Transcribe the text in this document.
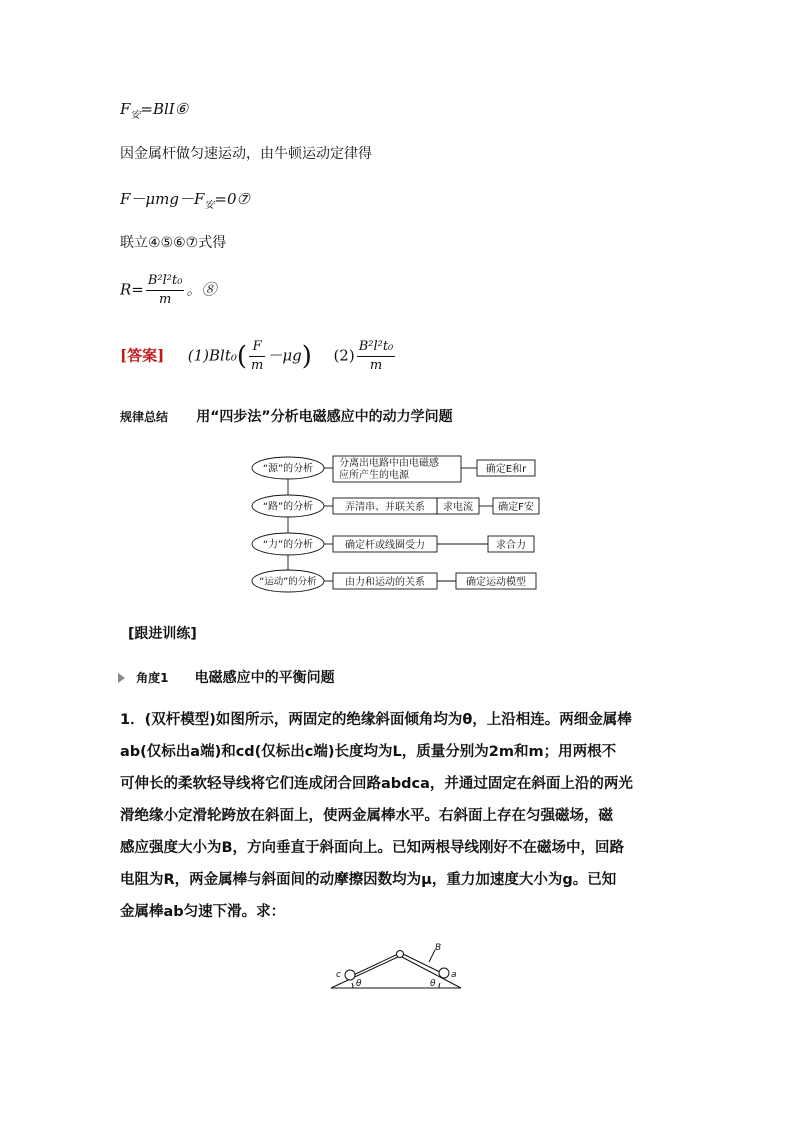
$F_安=BlI⑥$
因金属杆做匀速运动，由牛顿运动定律得
$F-\mu mg-F_安=0⑦$
联立④⑤⑥⑦式得
$R= \frac{\text{B²l²t₀}}{m}$ 。⑧
[答案] $(1)Blt_0( \frac{F}{m} -\mu g)$ $(2) \frac{\text{B²l²t₀}}{m}$
规律总结 用“四步法”分析电磁感应中的动力学问题
“源”的分析	分离出电路中由电磁感
应所产生的电源
确定E和r
“路”的分析	弄清串、并联关系 求电流	确定F安
“力”的分析	确定杆或线圈受力	求合力
“运动”的分析	由力和运动的关系	确定运动模型
[跟进训练]
角度1 电磁感应中的平衡问题
1．(双杆模型)如图所示，两固定的绝缘斜面倾角均为θ，上沿相连。两细金属棒
ab(仅标出a端)和cd(仅标出c端)长度均为L，质量分别为2m和m；用两根不
可伸长的柔软轻导线将它们连成闭合回路abdca，并通过固定在斜面上沿的两光
滑绝缘小定滑轮跨放在斜面上，使两金属棒水平。右斜面上存在匀强磁场，磁
感应强度大小为B，方向垂直于斜面向上。已知两根导线刚好不在磁场中，回路
电阻为R，两金属棒与斜面间的动摩擦因数均为μ，重力加速度大小为g。已知
金属棒ab匀速下滑。求：
B
c	a
θ	θ
